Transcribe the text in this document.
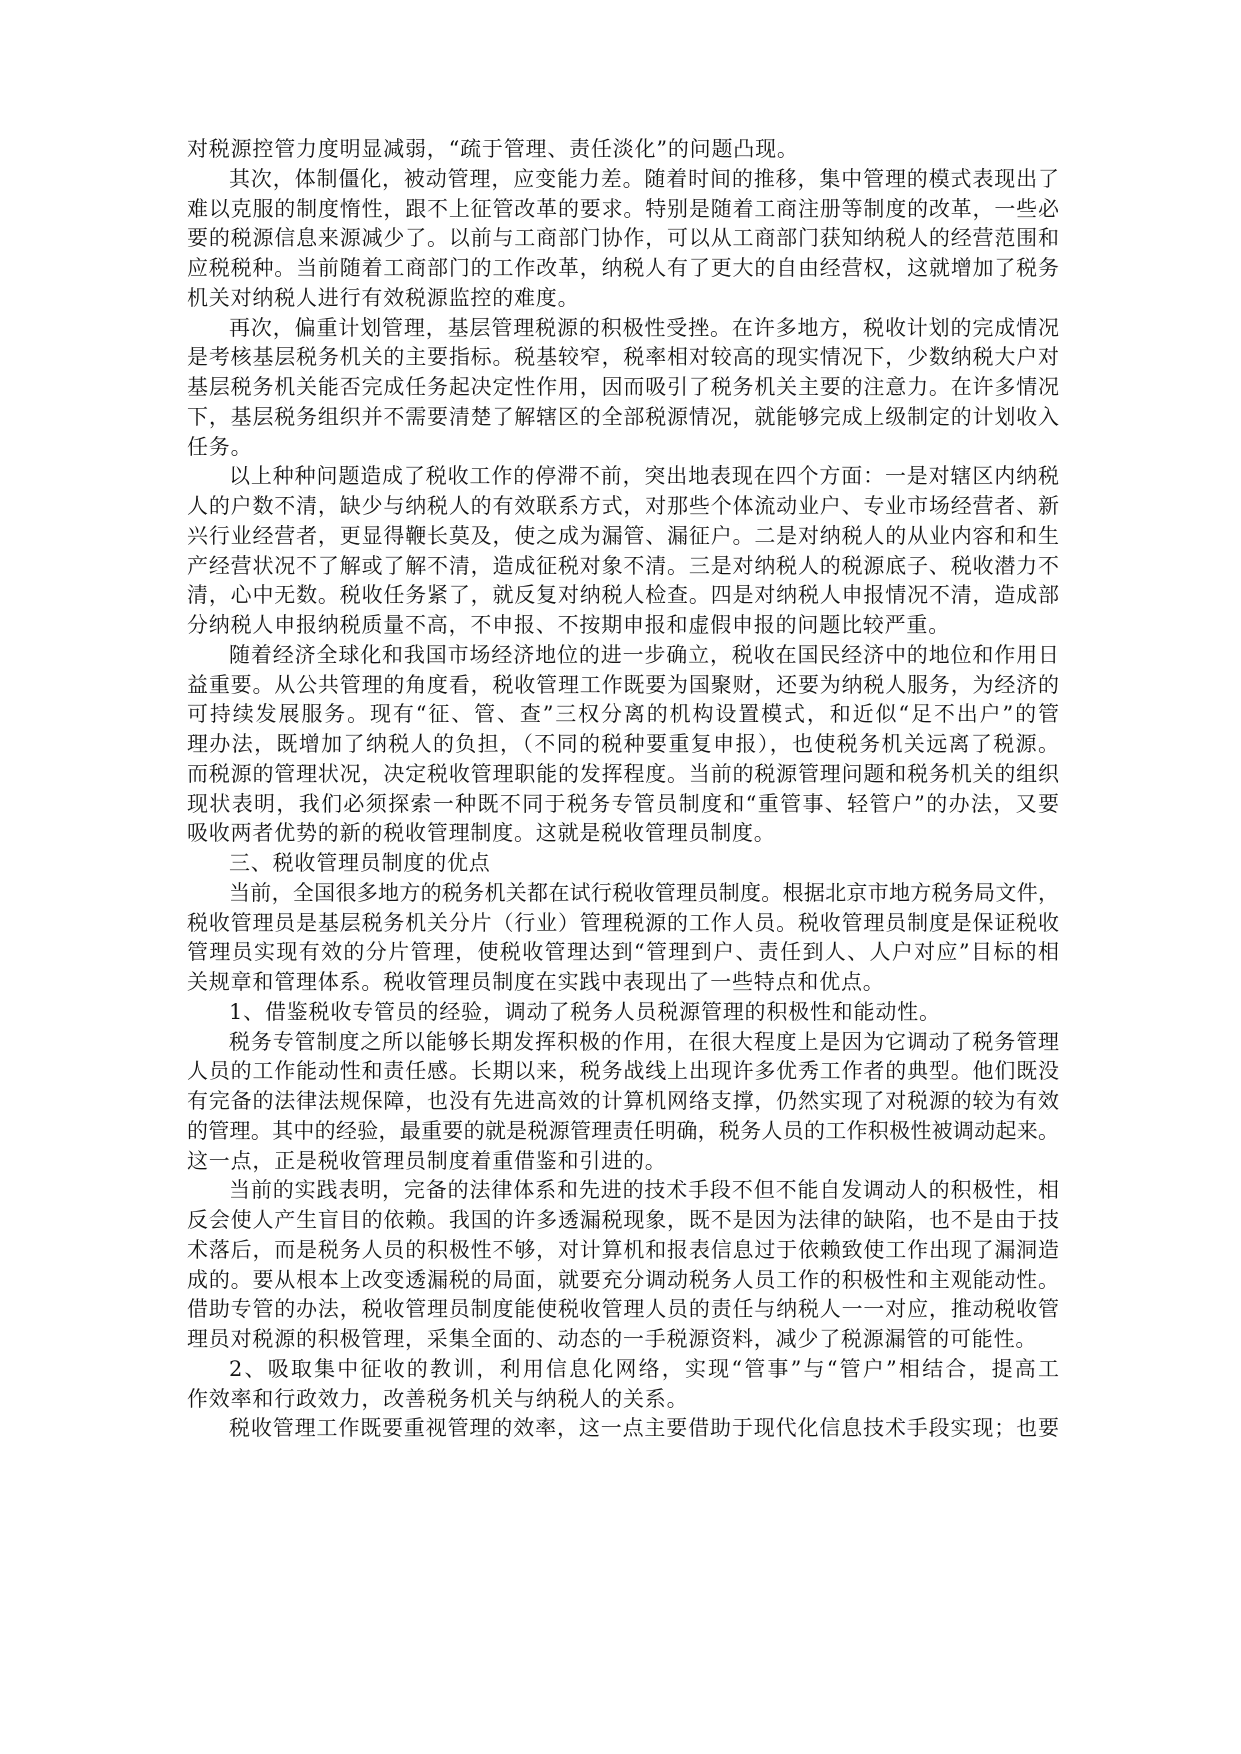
对税源控管力度明显减弱，“疏于管理、责任淡化”的问题凸现。
其次，体制僵化，被动管理，应变能力差。随着时间的推移，集中管理的模式表现出了
难以克服的制度惰性，跟不上征管改革的要求。特别是随着工商注册等制度的改革，一些必
要的税源信息来源减少了。以前与工商部门协作，可以从工商部门获知纳税人的经营范围和
应税税种。当前随着工商部门的工作改革，纳税人有了更大的自由经营权，这就增加了税务
机关对纳税人进行有效税源监控的难度。
再次，偏重计划管理，基层管理税源的积极性受挫。在许多地方，税收计划的完成情况
是考核基层税务机关的主要指标。税基较窄，税率相对较高的现实情况下，少数纳税大户对
基层税务机关能否完成任务起决定性作用，因而吸引了税务机关主要的注意力。在许多情况
下，基层税务组织并不需要清楚了解辖区的全部税源情况，就能够完成上级制定的计划收入
任务。
以上种种问题造成了税收工作的停滞不前，突出地表现在四个方面：一是对辖区内纳税
人的户数不清，缺少与纳税人的有效联系方式，对那些个体流动业户、专业市场经营者、新
兴行业经营者，更显得鞭长莫及，使之成为漏管、漏征户。二是对纳税人的从业内容和和生
产经营状况不了解或了解不清，造成征税对象不清。三是对纳税人的税源底子、税收潜力不
清，心中无数。税收任务紧了，就反复对纳税人检查。四是对纳税人申报情况不清，造成部
分纳税人申报纳税质量不高，不申报、不按期申报和虚假申报的问题比较严重。
随着经济全球化和我国市场经济地位的进一步确立，税收在国民经济中的地位和作用日
益重要。从公共管理的角度看，税收管理工作既要为国聚财，还要为纳税人服务，为经济的
可持续发展服务。现有“征、管、查”三权分离的机构设置模式，和近似“足不出户”的管
理办法，既增加了纳税人的负担，（不同的税种要重复申报），也使税务机关远离了税源。
而税源的管理状况，决定税收管理职能的发挥程度。当前的税源管理问题和税务机关的组织
现状表明，我们必须探索一种既不同于税务专管员制度和“重管事、轻管户”的办法，又要
吸收两者优势的新的税收管理制度。这就是税收管理员制度。
三、税收管理员制度的优点
当前，全国很多地方的税务机关都在试行税收管理员制度。根据北京市地方税务局文件，
税收管理员是基层税务机关分片（行业）管理税源的工作人员。税收管理员制度是保证税收
管理员实现有效的分片管理，使税收管理达到“管理到户、责任到人、人户对应”目标的相
关规章和管理体系。税收管理员制度在实践中表现出了一些特点和优点。
1、借鉴税收专管员的经验，调动了税务人员税源管理的积极性和能动性。
税务专管制度之所以能够长期发挥积极的作用，在很大程度上是因为它调动了税务管理
人员的工作能动性和责任感。长期以来，税务战线上出现许多优秀工作者的典型。他们既没
有完备的法律法规保障，也没有先进高效的计算机网络支撑，仍然实现了对税源的较为有效
的管理。其中的经验，最重要的就是税源管理责任明确，税务人员的工作积极性被调动起来。
这一点，正是税收管理员制度着重借鉴和引进的。
当前的实践表明，完备的法律体系和先进的技术手段不但不能自发调动人的积极性，相
反会使人产生盲目的依赖。我国的许多透漏税现象，既不是因为法律的缺陷，也不是由于技
术落后，而是税务人员的积极性不够，对计算机和报表信息过于依赖致使工作出现了漏洞造
成的。要从根本上改变透漏税的局面，就要充分调动税务人员工作的积极性和主观能动性。
借助专管的办法，税收管理员制度能使税收管理人员的责任与纳税人一一对应，推动税收管
理员对税源的积极管理，采集全面的、动态的一手税源资料，减少了税源漏管的可能性。
2、吸取集中征收的教训，利用信息化网络，实现“管事”与“管户”相结合，提高工
作效率和行政效力，改善税务机关与纳税人的关系。
税收管理工作既要重视管理的效率，这一点主要借助于现代化信息技术手段实现；也要
